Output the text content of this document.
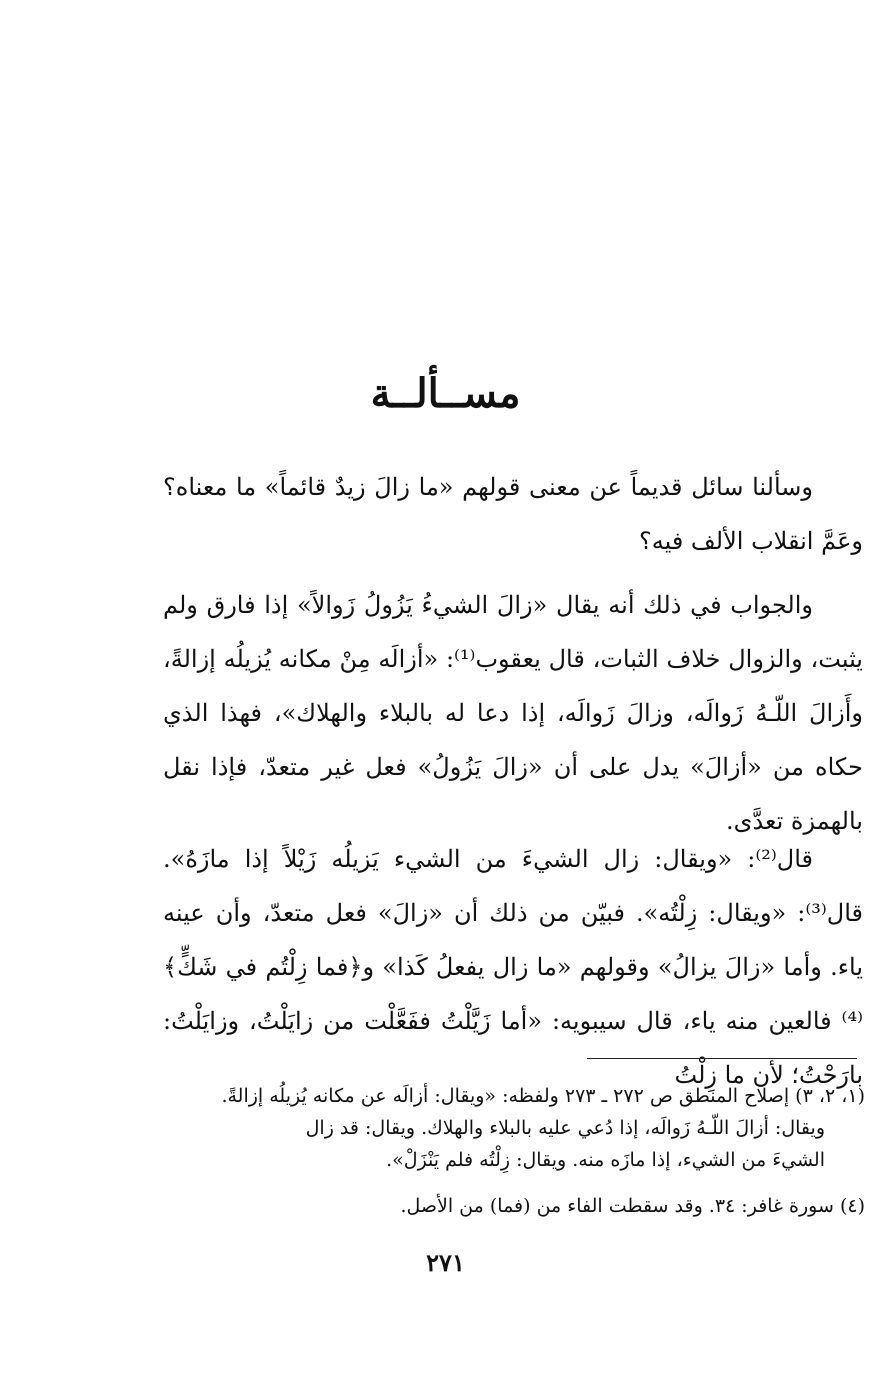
مســألــة

وسألنا سائل قديماً عن معنى قولهم «ما زالَ زيدٌ قائماً» ما معناه؟ وعَمَّ انقلاب الألف فيه؟

والجواب في ذلك أنه يقال «زالَ الشيءُ يَزُولُ زَوالاً» إذا فارق ولم يثبت، والزوال خلاف الثبات، قال يعقوب⁽¹⁾: «أزالَه مِنْ مكانه يُزيلُه إزالةً، وأَزالَ اللّـهُ زَوالَه، وزالَ زَوالَه، إذا دعا له بالبلاء والهلاك»، فهذا الذي حكاه من «أزالَ» يدل على أن «زالَ يَزُولُ» فعل غير متعدّ، فإذا نقل بالهمزة تعدَّى.

قال⁽²⁾: «ويقال: زال الشيءَ من الشيء يَزيلُه زَيْلاً إذا مازَهُ». قال⁽³⁾: «ويقال: زِلْتُه». فبيّن من ذلك أن «زالَ» فعل متعدّ، وأن عينه ياء. وأما «زالَ يزالُ» وقولهم «ما زال يفعلُ كَذا» و﴿فما زِلْتُم في شَكٍّ﴾⁽⁴⁾ فالعين منه ياء، قال سيبويه: «أما زَيَّلْتُ ففَعَّلْت من زايَلْتُ، وزايَلْتُ: بارَحْتُ؛ لأن ما زِلْتُ

(١، ٢، ٣) إصلاح المنطق ص ٢٧٢ ـ ٢٧٣ ولفظه: «ويقال: أزالَه عن مكانه يُزيلُه إزالةً.
ويقال: أزالَ اللّـهُ زَوالَه، إذا دُعي عليه بالبلاء والهلاك. ويقال: قد زال
الشيءَ من الشيء، إذا مازَه منه. ويقال: زِلْتُه فلم يَنْزَلْ».
(٤) سورة غافر: ٣٤. وقد سقطت الفاء من (فما) من الأصل.
٢٧١
